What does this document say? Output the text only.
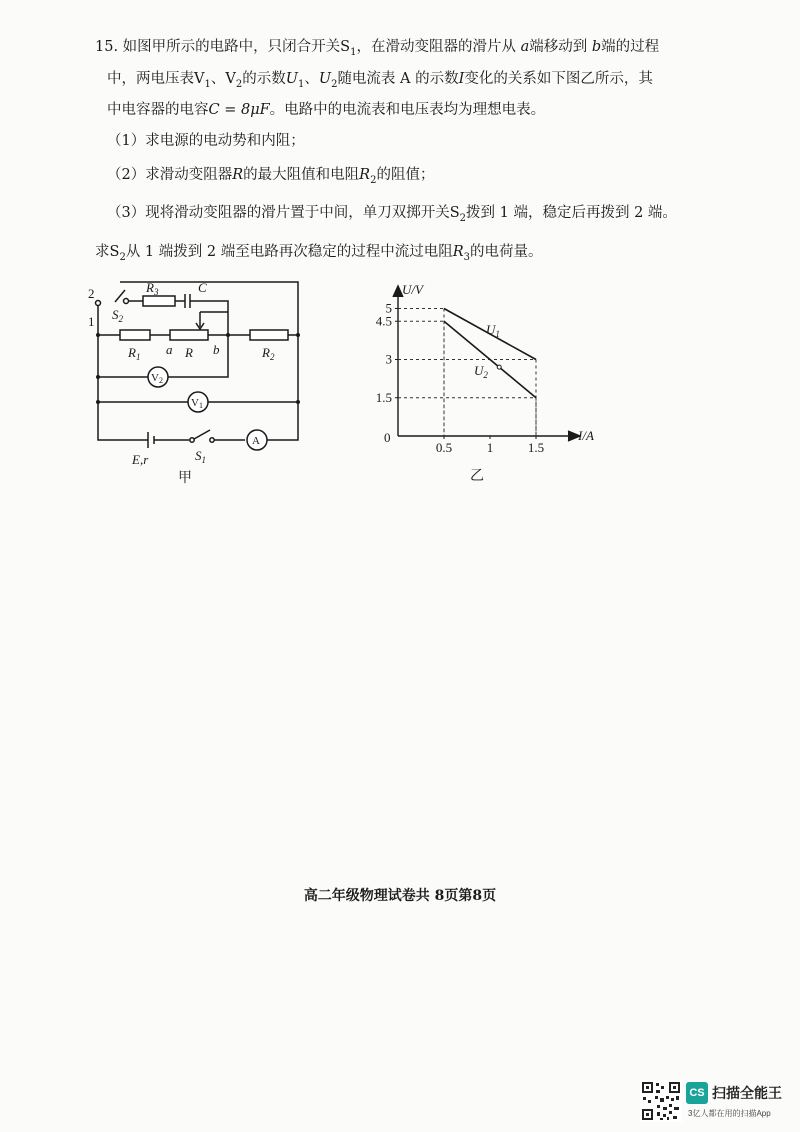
15. 如图甲所示的电路中，只闭合开关$S_1$，在滑动变阻器的滑片从 a端移动到 b端的过程
中，两电压表$V_1$、$V_2$的示数$U_1$、$U_2$随电流表 A 的示数I变化的关系如下图乙所示，其
中电容器的电容C = 8μF。电路中的电流表和电压表均为理想电表。
（1）求电源的电动势和内阻；
（2）求滑动变阻器R的最大阻值和电阻$R_2$的阻值；
（3）现将滑动变阻器的滑片置于中间，单刀双掷开关$S_2$拨到 1 端，稳定后再拨到 2 端。
求$S_2$从 1 端拨到 2 端至电路再次稳定的过程中流过电阻$R_3$的电荷量。
2
1 $S_2$
$R_3$	C
$R_1$ a R b	$R_2$
V2
V1
A
E,r	$S_1$
甲
1.5
3
4.5
5
0.5	1	1.5
U/V
I/A
0
$U_1$
$U_2$
乙
高二年级物理试卷共 8页第8页
CS 扫描全能王
3亿人都在用的扫描App
